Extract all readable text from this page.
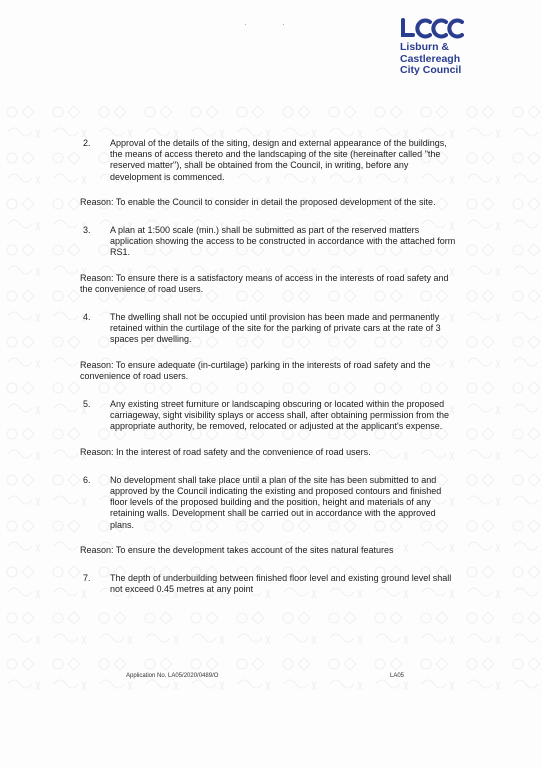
·	·
Lisburn &
Castlereagh
City Council
2. Approval of the details of the siting, design and external appearance of the buildings, the means of access thereto and the landscaping of the site (hereinafter called "the reserved matter"), shall be obtained from the Council, in writing, before any development is commenced.
Reason: To enable the Council to consider in detail the proposed development of the site.
3. A plan at 1:500 scale (min.) shall be submitted as part of the reserved matters application showing the access to be constructed in accordance with the attached form RS1.
Reason: To ensure there is a satisfactory means of access in the interests of road safety and the convenience of road users.
4. The dwelling shall not be occupied until provision has been made and permanently retained within the curtilage of the site for the parking of private cars at the rate of 3 spaces per dwelling.
Reason: To ensure adequate (in-curtilage) parking in the interests of road safety and the convenience of road users.
5. Any existing street furniture or landscaping obscuring or located within the proposed carriageway, sight visibility splays or access shall, after obtaining permission from the appropriate authority, be removed, relocated or adjusted at the applicant's expense.
Reason: In the interest of road safety and the convenience of road users.
6. No development shall take place until a plan of the site has been submitted to and approved by the Council indicating the existing and proposed contours and finished floor levels of the proposed building and the position, height and materials of any retaining walls. Development shall be carried out in accordance with the approved plans.
Reason: To ensure the development takes account of the sites natural features
7. The depth of underbuilding between finished floor level and existing ground level shall not exceed 0.45 metres at any point
Application No. LA05/2020/0489/O	LA05
